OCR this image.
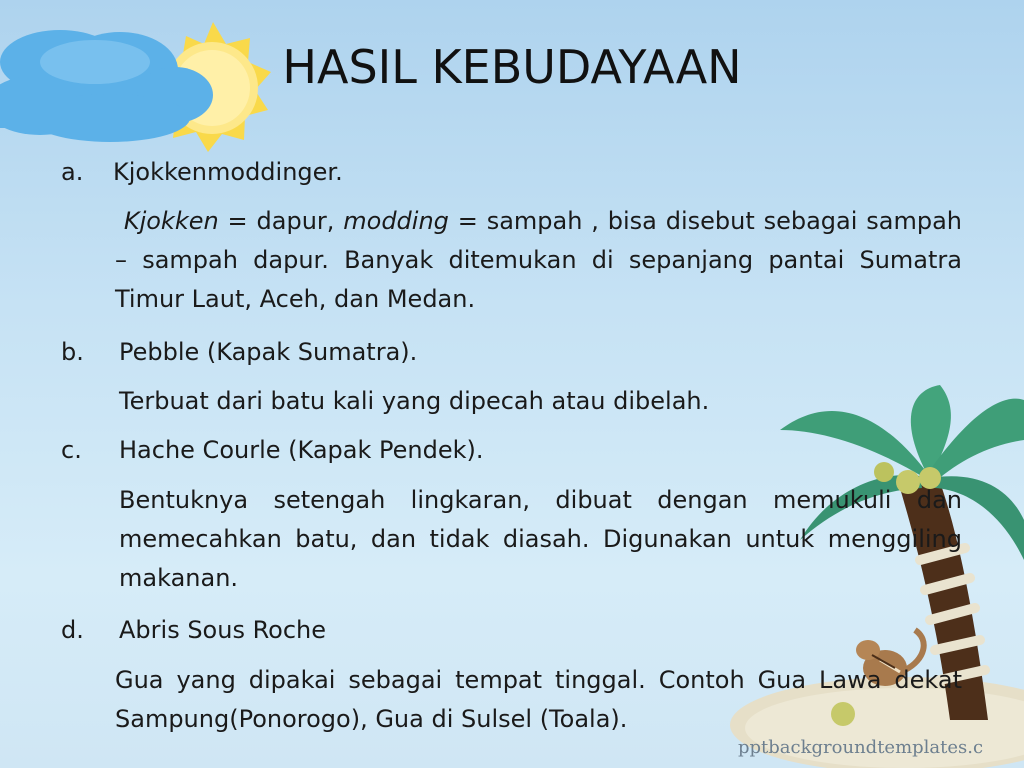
HASIL KEBUDAYAAN
a. Kjokkenmoddinger.
Kjokken = dapur, modding = sampah , bisa disebut sebagai sampah – sampah dapur. Banyak ditemukan di sepanjang pantai Sumatra Timur Laut, Aceh, dan Medan.
b. Pebble (Kapak Sumatra).
Terbuat dari batu kali yang dipecah atau dibelah.
c. Hache Courle (Kapak Pendek).
Bentuknya setengah lingkaran, dibuat dengan memukuli dan memecahkan batu, dan tidak diasah. Digunakan untuk menggiling makanan.
d. Abris Sous Roche
Gua yang dipakai sebagai tempat tinggal. Contoh Gua Lawa dekat Sampung(Ponorogo), Gua di Sulsel (Toala).
pptbackgroundtemplates.c
